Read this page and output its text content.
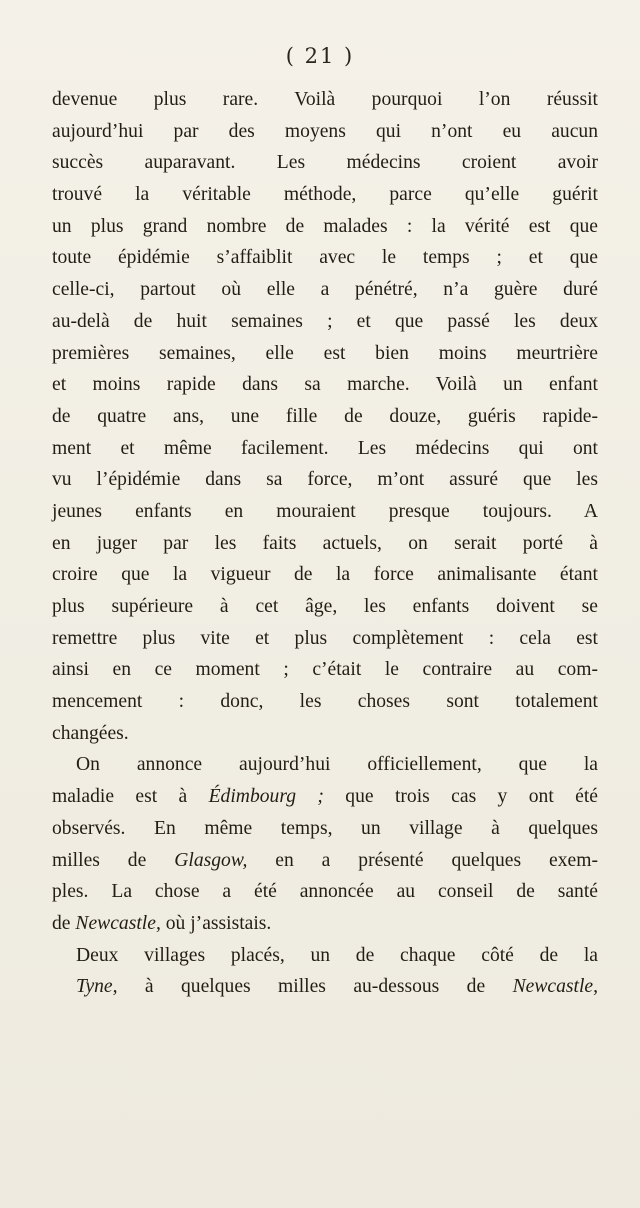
( 21 )
devenue plus rare. Voilà pourquoi l’on réussit
aujourd’hui par des moyens qui n’ont eu aucun
succès auparavant. Les médecins croient avoir
trouvé la véritable méthode, parce qu’elle guérit
un plus grand nombre de malades : la vérité est que
toute épidémie s’affaiblit avec le temps ; et que
celle-ci, partout où elle a pénétré, n’a guère duré
au-delà de huit semaines ; et que passé les deux
premières semaines, elle est bien moins meurtrière
et moins rapide dans sa marche. Voilà un enfant
de quatre ans, une fille de douze, guéris rapide-
ment et même facilement. Les médecins qui ont
vu l’épidémie dans sa force, m’ont assuré que les
jeunes enfants en mouraient presque toujours. A
en juger par les faits actuels, on serait porté à
croire que la vigueur de la force animalisante étant
plus supérieure à cet âge, les enfants doivent se
remettre plus vite et plus complètement : cela est
ainsi en ce moment ; c’était le contraire au com-
mencement : donc, les choses sont totalement
changées.
On annonce aujourd’hui officiellement, que la
maladie est à Édimbourg ; que trois cas y ont été
observés. En même temps, un village à quelques
milles de Glasgow, en a présenté quelques exem-
ples. La chose a été annoncée au conseil de santé
de Newcastle, où j’assistais.
Deux villages placés, un de chaque côté de la
Tyne, à quelques milles au-dessous de Newcastle,
